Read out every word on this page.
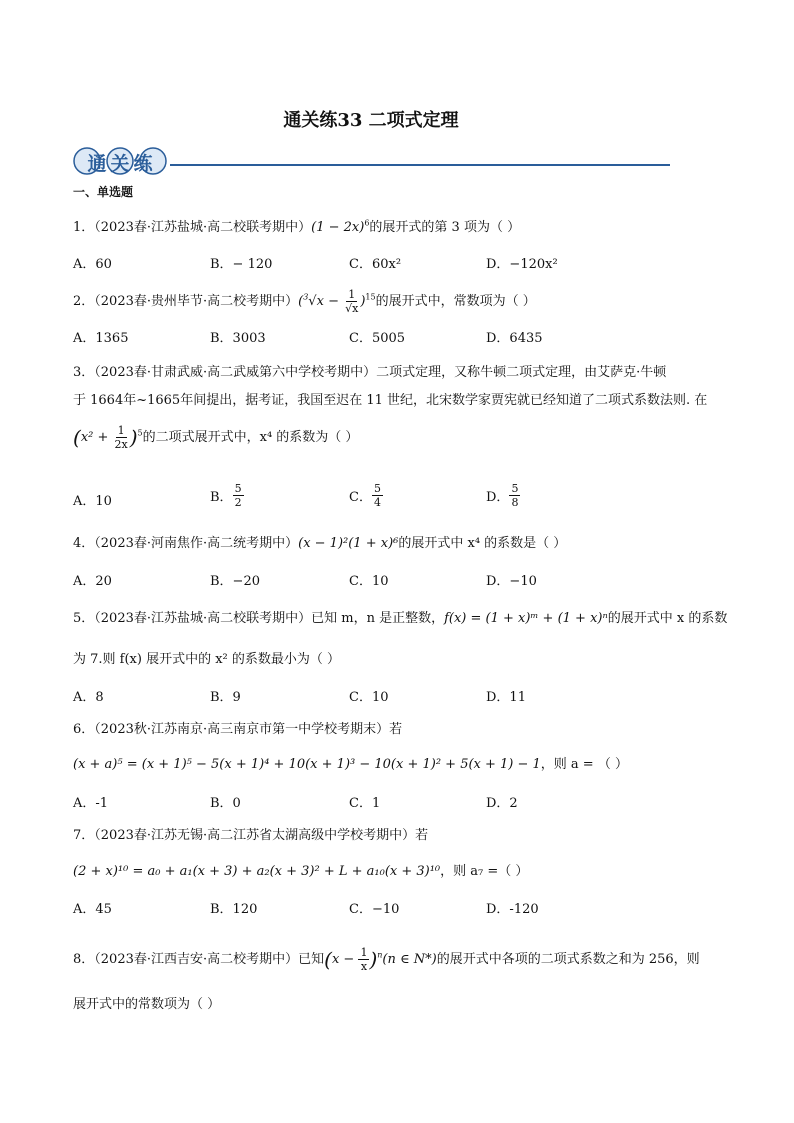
通关练33 二项式定理
通关练
一、单选题
1．（2023春·江苏盐城·高二校联考期中）$(1 - 2x)^6$的展开式的第 3 项为（ ）
A．60	B．− 120	C．60x²	D．−120x²
2．（2023春·贵州毕节·高二校考期中）$(^3√x - \frac{1}{√x} )^{15}$的展开式中，常数项为（ ）
A．1365	B．3003	C．5005	D．6435
3．（2023春·甘肃武威·高二武威第六中学校考期中）二项式定理，又称牛顿二项式定理，由艾萨克·牛顿
于 1664年~1665年间提出，据考证，我国至迟在 11 世纪，北宋数学家贾宪就已经知道了二项式系数法则. 在
$(x^2 + \frac{1}{2x} )^5$的二项式展开式中，x⁴ 的系数为（ ）
A．10	B． $\frac{5}{2}$	C． $\frac{5}{4}$	D． $\frac{5}{8}$
4．（2023春·河南焦作·高二统考期中）(x − 1)²(1 + x)⁶的展开式中 x⁴ 的系数是（ ）
A．20	B．−20	C．10	D．−10
5．（2023春·江苏盐城·高二校联考期中）已知 m，n 是正整数，f(x) = (1 + x)ᵐ + (1 + x)ⁿ的展开式中 x 的系数
为 7.则 f(x) 展开式中的 x² 的系数最小为（ ）
A．8	B．9	C．10	D．11
6．（2023秋·江苏南京·高三南京市第一中学校考期末）若
(x + a)⁵ = (x + 1)⁵ − 5(x + 1)⁴ + 10(x + 1)³ − 10(x + 1)² + 5(x + 1) − 1，则 a = （ ）
A．-1	B．0	C．1	D．2
7．（2023春·江苏无锡·高二江苏省太湖高级中学校考期中）若
(2 + x)¹⁰ = a₀ + a₁(x + 3) + a₂(x + 3)² + L + a₁₀(x + 3)¹⁰，则 a₇ =（ ）
A．45	B．120	C．−10	D．-120
8．（2023春·江西吉安·高二校考期中）已知$(x - \frac{1}{x} )^n(n$ ∈ N*)的展开式中各项的二项式系数之和为 256，则
展开式中的常数项为（ ）
